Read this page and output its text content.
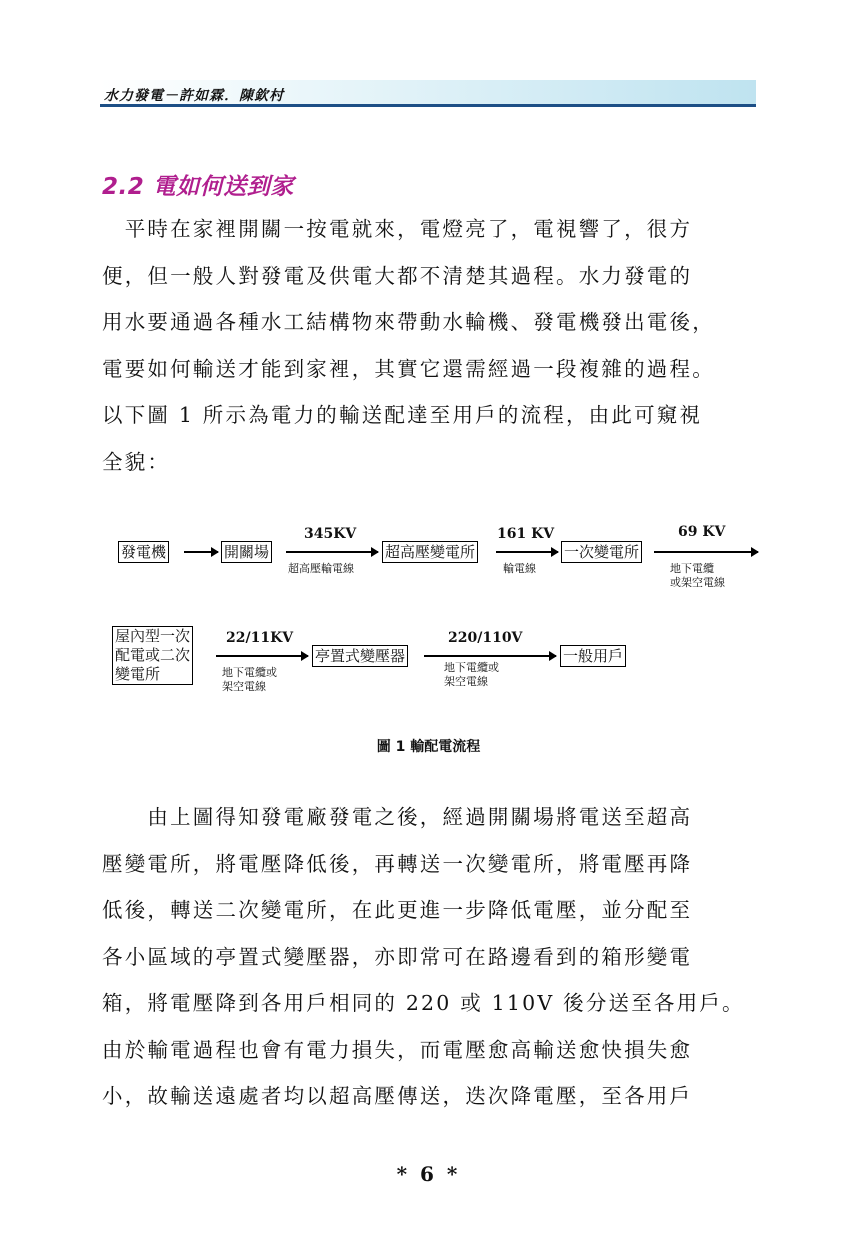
水力發電－許如霖．陳欽村
2.2 電如何送到家

　平時在家裡開關一按電就來，電燈亮了，電視響了，很方
便，但一般人對發電及供電大都不清楚其過程。水力發電的
用水要通過各種水工結構物來帶動水輪機、發電機發出電後，
電要如何輸送才能到家裡，其實它還需經過一段複雜的過程。
以下圖 1 所示為電力的輸送配達至用戶的流程，由此可窺視
全貌：

發電機	開關場
345KV
超高壓輸電線
超高壓變電所
161 KV
輸電線
一次變電所
69 KV
地下電纜
或架空電線
屋內型一次
配電或二次
變電所
22/11KV
地下電纜或
架空電線
亭置式變壓器
220/110V
地下電纜或
架空電線
一般用戶
圖 1 輸配電流程

　　由上圖得知發電廠發電之後，經過開關場將電送至超高
壓變電所，將電壓降低後，再轉送一次變電所，將電壓再降
低後，轉送二次變電所，在此更進一步降低電壓，並分配至
各小區域的亭置式變壓器，亦即常可在路邊看到的箱形變電
箱，將電壓降到各用戶相同的 220 或 110V 後分送至各用戶。
由於輸電過程也會有電力損失，而電壓愈高輸送愈快損失愈
小，故輸送遠處者均以超高壓傳送，迭次降電壓，至各用戶

* 6 *
